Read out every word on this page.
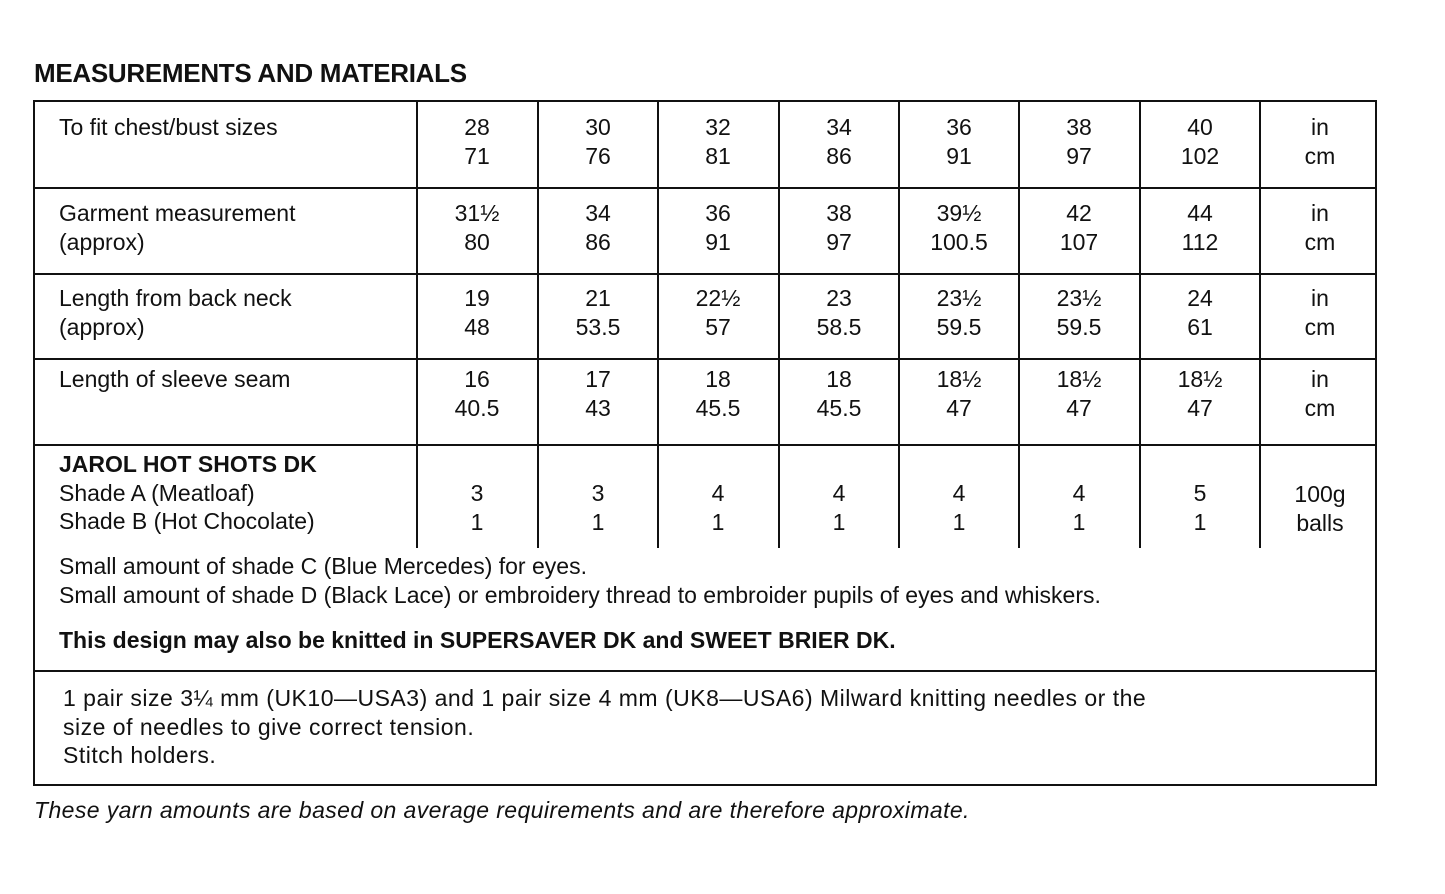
MEASUREMENTS AND MATERIALS
To fit chest/bust sizes	28
71
30
76
32
81
34
86
36
91
38
97
40
102
in
cm
Garment measurement
(approx)
31½
80
34
86
36
91
38
97
39½
100.5
42
107
44
112
in
cm
Length from back neck
(approx)
19
48
21
53.5
22½
57
23
58.5
23½
59.5
23½
59.5
24
61
in
cm
Length of sleeve seam	16
40.5
17
43
18
45.5
18
45.5
18½
47
18½
47
18½
47
in
cm
JAROL HOT SHOTS DK
Shade A (Meatloaf)
Shade B (Hot Chocolate)
3
1
3
1
4
1
4
1
4
1
4
1
5
1
100g
balls
Small amount of shade C (Blue Mercedes) for eyes.
Small amount of shade D (Black Lace) or embroidery thread to embroider pupils of eyes and whiskers.
This design may also be knitted in SUPERSAVER DK and SWEET BRIER DK.
1 pair size 3¼ mm (UK10—USA3) and 1 pair size 4 mm (UK8—USA6) Milward knitting needles or the
size of needles to give correct tension.
Stitch holders.
These yarn amounts are based on average requirements and are therefore approximate.
